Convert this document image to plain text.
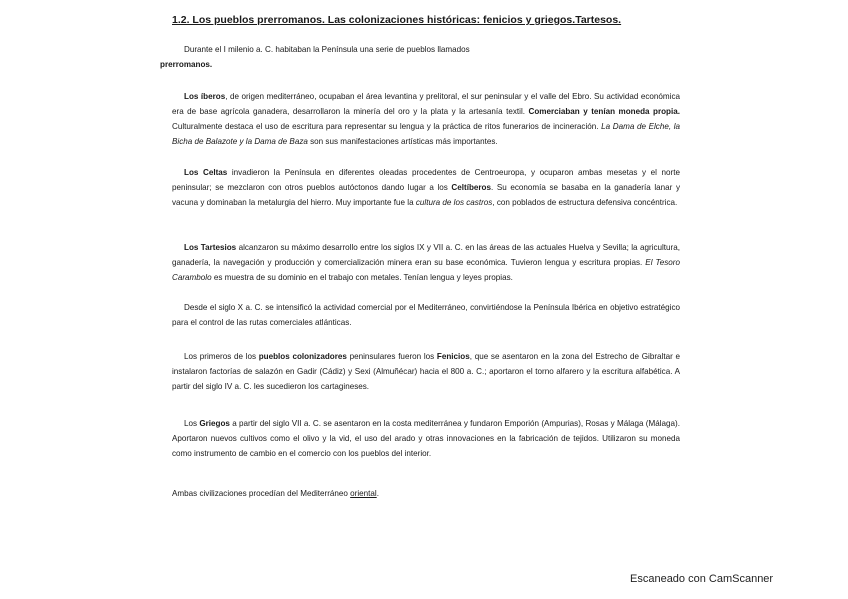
1.2. Los pueblos prerromanos. Las colonizaciones históricas: fenicios y griegos.Tartesos.

Durante el I milenio a. C. habitaban la Península una serie de pueblos llamados
prerromanos.

Los íberos, de origen mediterráneo, ocupaban el área levantina y prelitoral, el sur peninsular y el valle del Ebro. Su actividad económica era de base agrícola ganadera, desarrollaron la minería del oro y la plata y la artesanía textil. Comerciaban y tenían moneda propia. Culturalmente destaca el uso de escritura para representar su lengua y la práctica de ritos funerarios de incineración. La Dama de Elche, la Bicha de Balazote y la Dama de Baza son sus manifestaciones artísticas más importantes.

Los Celtas invadieron la Península en diferentes oleadas procedentes de Centroeuropa, y ocuparon ambas mesetas y el norte peninsular; se mezclaron con otros pueblos autóctonos dando lugar a los Celtíberos. Su economía se basaba en la ganadería lanar y vacuna y dominaban la metalurgia del hierro. Muy importante fue la cultura de los castros, con poblados de estructura defensiva concéntrica.

Los Tartesios alcanzaron su máximo desarrollo entre los siglos IX y VII a. C. en las áreas de las actuales Huelva y Sevilla; la agricultura, ganadería, la navegación y producción y comercialización minera eran su base económica. Tuvieron lengua y escritura propias. El Tesoro Carambolo es muestra de su dominio en el trabajo con metales. Tenían lengua y leyes propias.

Desde el siglo X a. C. se intensificó la actividad comercial por el Mediterráneo, convirtiéndose la Península Ibérica en objetivo estratégico para el control de las rutas comerciales atlánticas.

Los primeros de los pueblos colonizadores peninsulares fueron los Fenicios, que se asentaron en la zona del Estrecho de Gibraltar e instalaron factorías de salazón en Gadir (Cádiz) y Sexi (Almuñécar) hacia el 800 a. C.; aportaron el torno alfarero y la escritura alfabética. A partir del siglo IV a. C. les sucedieron los cartagineses.

Los Griegos a partir del siglo VII a. C. se asentaron en la costa mediterránea y fundaron Emporión (Ampurias), Rosas y Málaga (Málaga). Aportaron nuevos cultivos como el olivo y la vid, el uso del arado y otras innovaciones en la fabricación de tejidos. Utilizaron su moneda como instrumento de cambio en el comercio con los pueblos del interior.

Ambas civilizaciones procedían del Mediterráneo oriental.

Escaneado con CamScanner
